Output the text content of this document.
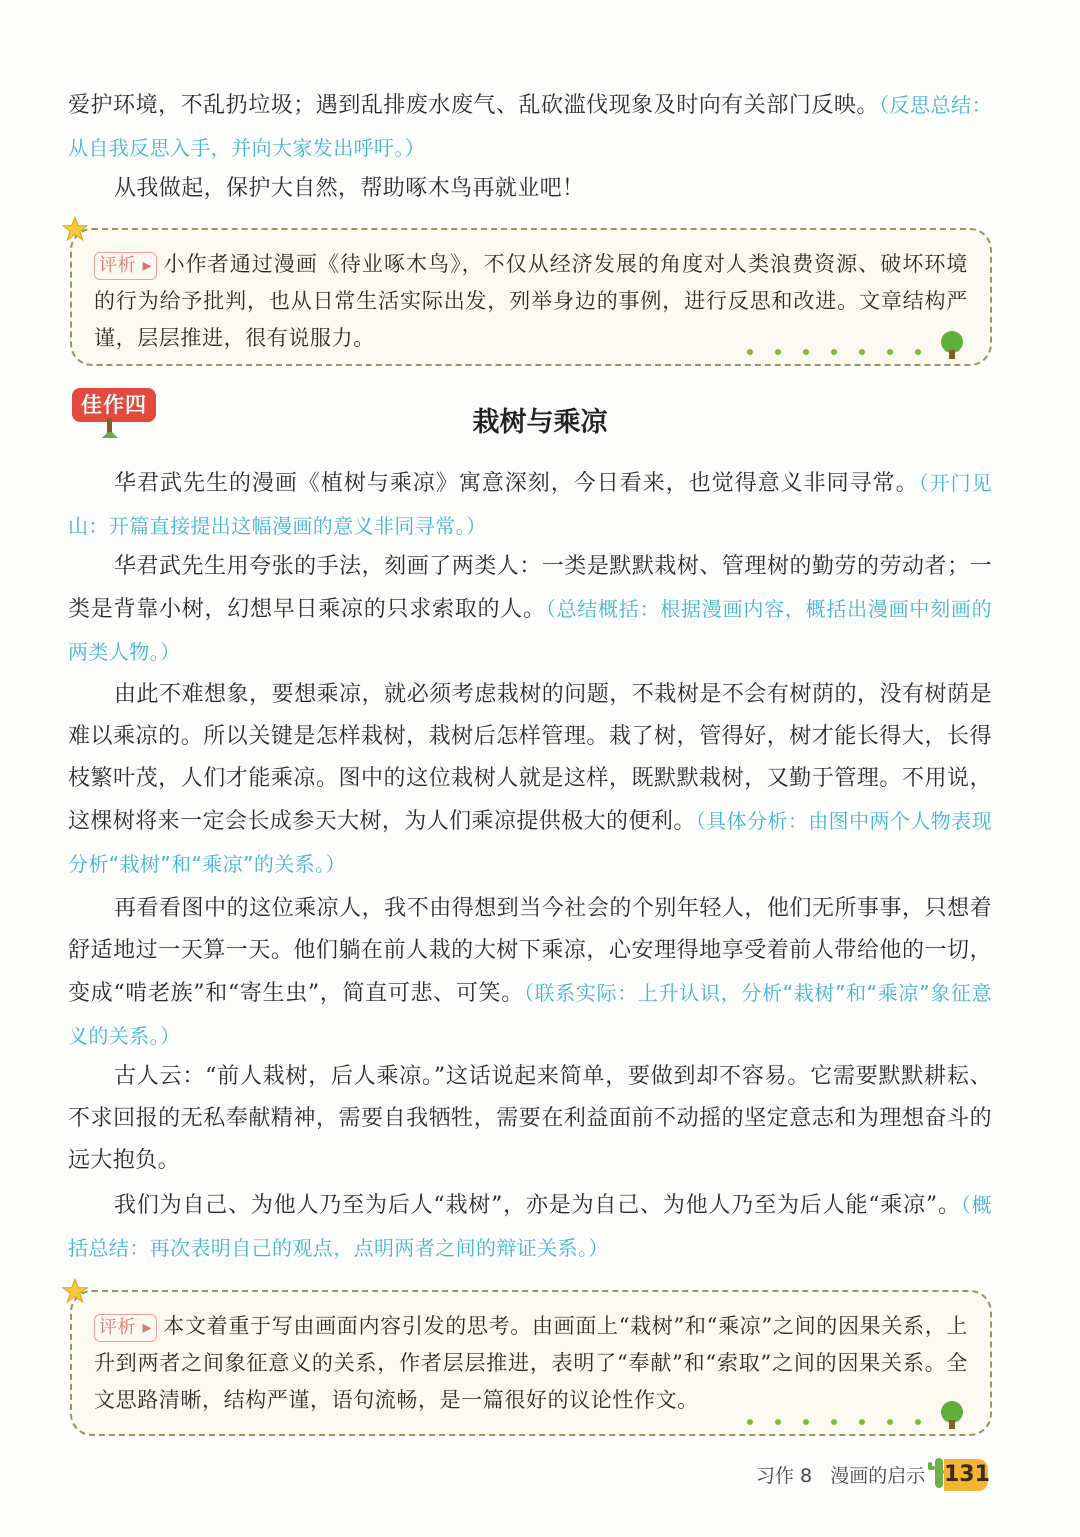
爱护环境，不乱扔垃圾；遇到乱排废水废气、乱砍滥伐现象及时向有关部门反映。（反思总结：从自我反思入手，并向大家发出呼吁。）
从我做起，保护大自然，帮助啄木鸟再就业吧！
评析 ▸ 小作者通过漫画《待业啄木鸟》，不仅从经济发展的角度对人类浪费资源、破坏环境的行为给予批判，也从日常生活实际出发，列举身边的事例，进行反思和改进。文章结构严谨，层层推进，很有说服力。
佳作四
栽树与乘凉
华君武先生的漫画《植树与乘凉》寓意深刻，今日看来，也觉得意义非同寻常。（开门见山：开篇直接提出这幅漫画的意义非同寻常。）
华君武先生用夸张的手法，刻画了两类人：一类是默默栽树、管理树的勤劳的劳动者；一类是背靠小树，幻想早日乘凉的只求索取的人。（总结概括：根据漫画内容，概括出漫画中刻画的两类人物。）
由此不难想象，要想乘凉，就必须考虑栽树的问题，不栽树是不会有树荫的，没有树荫是难以乘凉的。所以关键是怎样栽树，栽树后怎样管理。栽了树，管得好，树才能长得大，长得枝繁叶茂，人们才能乘凉。图中的这位栽树人就是这样，既默默栽树，又勤于管理。不用说，这棵树将来一定会长成参天大树，为人们乘凉提供极大的便利。（具体分析：由图中两个人物表现分析“栽树”和“乘凉”的关系。）
再看看图中的这位乘凉人，我不由得想到当今社会的个别年轻人，他们无所事事，只想着舒适地过一天算一天。他们躺在前人栽的大树下乘凉，心安理得地享受着前人带给他的一切，变成“啃老族”和“寄生虫”，简直可悲、可笑。（联系实际：上升认识，分析“栽树”和“乘凉”象征意义的关系。）
古人云：“前人栽树，后人乘凉。”这话说起来简单，要做到却不容易。它需要默默耕耘、不求回报的无私奉献精神，需要自我牺牲，需要在利益面前不动摇的坚定意志和为理想奋斗的远大抱负。
我们为自己、为他人乃至为后人“栽树”，亦是为自己、为他人乃至为后人能“乘凉”。（概括总结：再次表明自己的观点，点明两者之间的辩证关系。）
评析 ▸ 本文着重于写由画面内容引发的思考。由画面上“栽树”和“乘凉”之间的因果关系，上升到两者之间象征意义的关系，作者层层推进，表明了“奉献”和“索取”之间的因果关系。全文思路清晰，结构严谨，语句流畅，是一篇很好的议论性作文。
习作 8 漫画的启示 131
